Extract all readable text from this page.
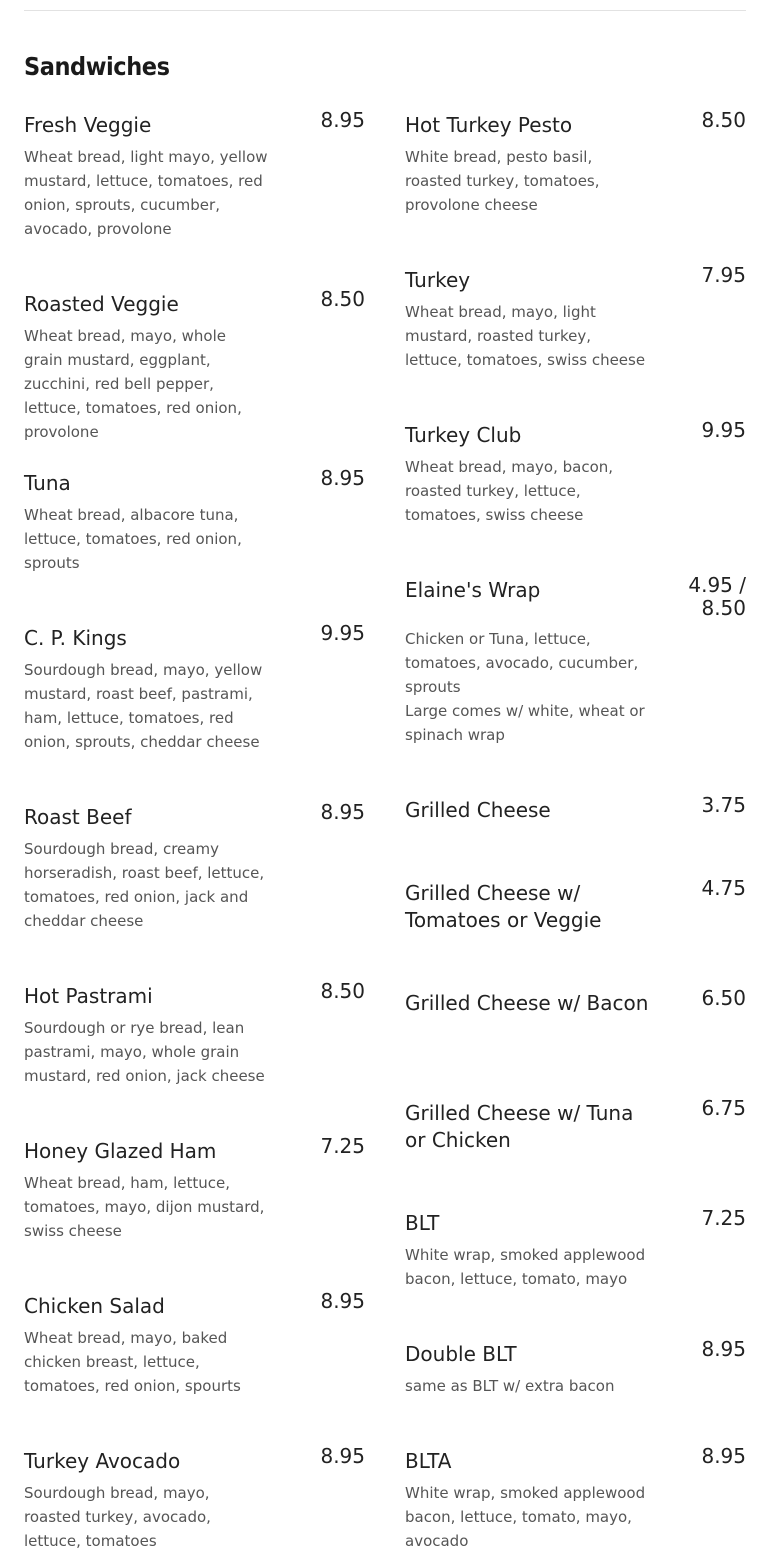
Sandwiches
Fresh Veggie	8.95
Wheat bread, light mayo, yellow mustard, lettuce, tomatoes, red onion, sprouts, cucumber, avocado, provolone
Roasted Veggie	8.50
Wheat bread, mayo, whole grain mustard, eggplant, zucchini, red bell pepper, lettuce, tomatoes, red onion, provolone
Tuna	8.95
Wheat bread, albacore tuna, lettuce, tomatoes, red onion, sprouts
C. P. Kings	9.95
Sourdough bread, mayo, yellow mustard, roast beef, pastrami, ham, lettuce, tomatoes, red onion, sprouts, cheddar cheese
Roast Beef	8.95
Sourdough bread, creamy horseradish, roast beef, lettuce, tomatoes, red onion, jack and cheddar cheese
Hot Pastrami	8.50
Sourdough or rye bread, lean pastrami, mayo, whole grain mustard, red onion, jack cheese
Honey Glazed Ham	7.25
Wheat bread, ham, lettuce, tomatoes, mayo, dijon mustard, swiss cheese
Chicken Salad	8.95
Wheat bread, mayo, baked chicken breast, lettuce, tomatoes, red onion, spourts
Turkey Avocado	8.95
Sourdough bread, mayo, roasted turkey, avocado, lettuce, tomatoes
Hot Turkey Pesto	8.50
White bread, pesto basil, roasted turkey, tomatoes, provolone cheese
Turkey	7.95
Wheat bread, mayo, light mustard, roasted turkey, lettuce, tomatoes, swiss cheese
Turkey Club	9.95
Wheat bread, mayo, bacon, roasted turkey, lettuce, tomatoes, swiss cheese
Elaine's Wrap	4.95 / 8.50
Chicken or Tuna, lettuce, tomatoes, avocado, cucumber, sprouts
Large comes w/ white, wheat or spinach wrap
Grilled Cheese	3.75
Grilled Cheese w/ Tomatoes or Veggie
4.75
Grilled Cheese w/ Bacon	6.50
Grilled Cheese w/ Tuna or Chicken
6.75
BLT	7.25
White wrap, smoked applewood bacon, lettuce, tomato, mayo
Double BLT	8.95
same as BLT w/ extra bacon
BLTA	8.95
White wrap, smoked applewood bacon, lettuce, tomato, mayo, avocado
